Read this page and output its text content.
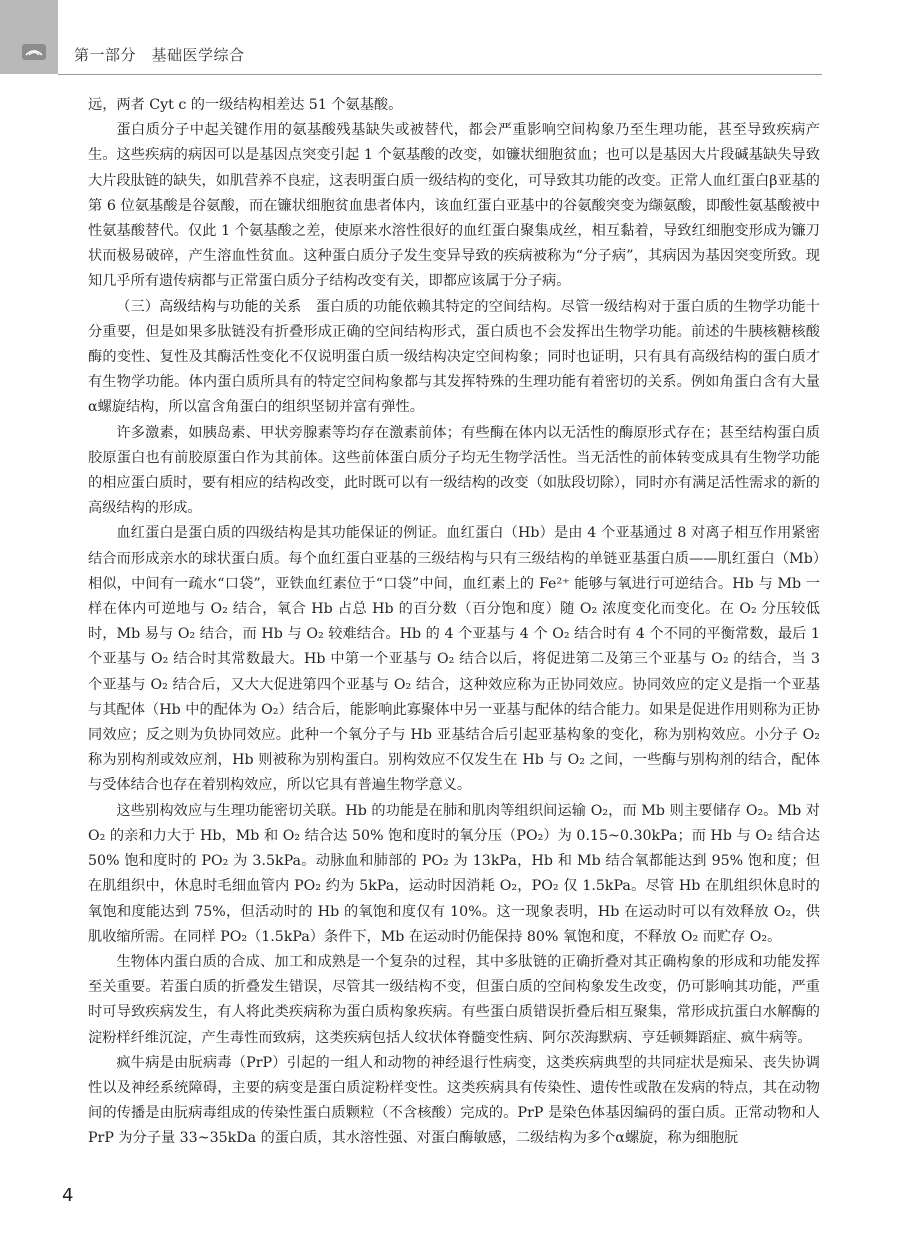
第一部分　基础医学综合

远，两者 Cyt c 的一级结构相差达 51 个氨基酸。

蛋白质分子中起关键作用的氨基酸残基缺失或被替代，都会严重影响空间构象乃至生理功能，甚至导致疾病产生。这些疾病的病因可以是基因点突变引起 1 个氨基酸的改变，如镰状细胞贫血；也可以是基因大片段碱基缺失导致大片段肽链的缺失，如肌营养不良症，这表明蛋白质一级结构的变化，可导致其功能的改变。正常人血红蛋白β亚基的第 6 位氨基酸是谷氨酸，而在镰状细胞贫血患者体内，该血红蛋白亚基中的谷氨酸突变为缬氨酸，即酸性氨基酸被中性氨基酸替代。仅此 1 个氨基酸之差，使原来水溶性很好的血红蛋白聚集成丝，相互黏着，导致红细胞变形成为镰刀状而极易破碎，产生溶血性贫血。这种蛋白质分子发生变异导致的疾病被称为“分子病”，其病因为基因突变所致。现知几乎所有遗传病都与正常蛋白质分子结构改变有关，即都应该属于分子病。

（三）高级结构与功能的关系　 蛋白质的功能依赖其特定的空间结构。尽管一级结构对于蛋白质的生物学功能十分重要，但是如果多肽链没有折叠形成正确的空间结构形式，蛋白质也不会发挥出生物学功能。前述的牛胰核糖核酸酶的变性、复性及其酶活性变化不仅说明蛋白质一级结构决定空间构象；同时也证明，只有具有高级结构的蛋白质才有生物学功能。体内蛋白质所具有的特定空间构象都与其发挥特殊的生理功能有着密切的关系。例如角蛋白含有大量α螺旋结构，所以富含角蛋白的组织坚韧并富有弹性。

许多激素，如胰岛素、甲状旁腺素等均存在激素前体；有些酶在体内以无活性的酶原形式存在；甚至结构蛋白质胶原蛋白也有前胶原蛋白作为其前体。这些前体蛋白质分子均无生物学活性。当无活性的前体转变成具有生物学功能的相应蛋白质时，要有相应的结构改变，此时既可以有一级结构的改变（如肽段切除），同时亦有满足活性需求的新的高级结构的形成。

血红蛋白是蛋白质的四级结构是其功能保证的例证。血红蛋白（Hb）是由 4 个亚基通过 8 对离子相互作用紧密结合而形成亲水的球状蛋白质。每个血红蛋白亚基的三级结构与只有三级结构的单链亚基蛋白质——肌红蛋白（Mb）相似，中间有一疏水“口袋”，亚铁血红素位于“口袋”中间，血红素上的 Fe²⁺ 能够与氧进行可逆结合。Hb 与 Mb 一样在体内可逆地与 O₂ 结合，氧合 Hb 占总 Hb 的百分数（百分饱和度）随 O₂ 浓度变化而变化。在 O₂ 分压较低时，Mb 易与 O₂ 结合，而 Hb 与 O₂ 较难结合。Hb 的 4 个亚基与 4 个 O₂ 结合时有 4 个不同的平衡常数，最后 1 个亚基与 O₂ 结合时其常数最大。Hb 中第一个亚基与 O₂ 结合以后，将促进第二及第三个亚基与 O₂ 的结合，当 3 个亚基与 O₂ 结合后，又大大促进第四个亚基与 O₂ 结合，这种效应称为正协同效应。协同效应的定义是指一个亚基与其配体（Hb 中的配体为 O₂）结合后，能影响此寡聚体中另一亚基与配体的结合能力。如果是促进作用则称为正协同效应；反之则为负协同效应。此种一个氧分子与 Hb 亚基结合后引起亚基构象的变化，称为别构效应。小分子 O₂ 称为别构剂或效应剂，Hb 则被称为别构蛋白。别构效应不仅发生在 Hb 与 O₂ 之间，一些酶与别构剂的结合，配体与受体结合也存在着别构效应，所以它具有普遍生物学意义。

这些别构效应与生理功能密切关联。Hb 的功能是在肺和肌肉等组织间运输 O₂，而 Mb 则主要储存 O₂。Mb 对 O₂ 的亲和力大于 Hb，Mb 和 O₂ 结合达 50% 饱和度时的氧分压（PO₂）为 0.15~0.30kPa；而 Hb 与 O₂ 结合达 50% 饱和度时的 PO₂ 为 3.5kPa。动脉血和肺部的 PO₂ 为 13kPa，Hb 和 Mb 结合氧都能达到 95% 饱和度；但在肌组织中，休息时毛细血管内 PO₂ 约为 5kPa，运动时因消耗 O₂，PO₂ 仅 1.5kPa。尽管 Hb 在肌组织休息时的氧饱和度能达到 75%，但活动时的 Hb 的氧饱和度仅有 10%。这一现象表明，Hb 在运动时可以有效释放 O₂，供肌收缩所需。在同样 PO₂（1.5kPa）条件下，Mb 在运动时仍能保持 80% 氧饱和度，不释放 O₂ 而贮存 O₂。

生物体内蛋白质的合成、加工和成熟是一个复杂的过程，其中多肽链的正确折叠对其正确构象的形成和功能发挥至关重要。若蛋白质的折叠发生错误，尽管其一级结构不变，但蛋白质的空间构象发生改变，仍可影响其功能，严重时可导致疾病发生，有人将此类疾病称为蛋白质构象疾病。有些蛋白质错误折叠后相互聚集，常形成抗蛋白水解酶的淀粉样纤维沉淀，产生毒性而致病，这类疾病包括人纹状体脊髓变性病、阿尔茨海默病、亨廷顿舞蹈症、疯牛病等。

疯牛病是由朊病毒（PrP）引起的一组人和动物的神经退行性病变，这类疾病典型的共同症状是痴呆、丧失协调性以及神经系统障碍，主要的病变是蛋白质淀粉样变性。这类疾病具有传染性、遗传性或散在发病的特点，其在动物间的传播是由朊病毒组成的传染性蛋白质颗粒（不含核酸）完成的。PrP 是染色体基因编码的蛋白质。正常动物和人 PrP 为分子量 33~35kDa 的蛋白质，其水溶性强、对蛋白酶敏感，二级结构为多个α螺旋，称为细胞朊

4
